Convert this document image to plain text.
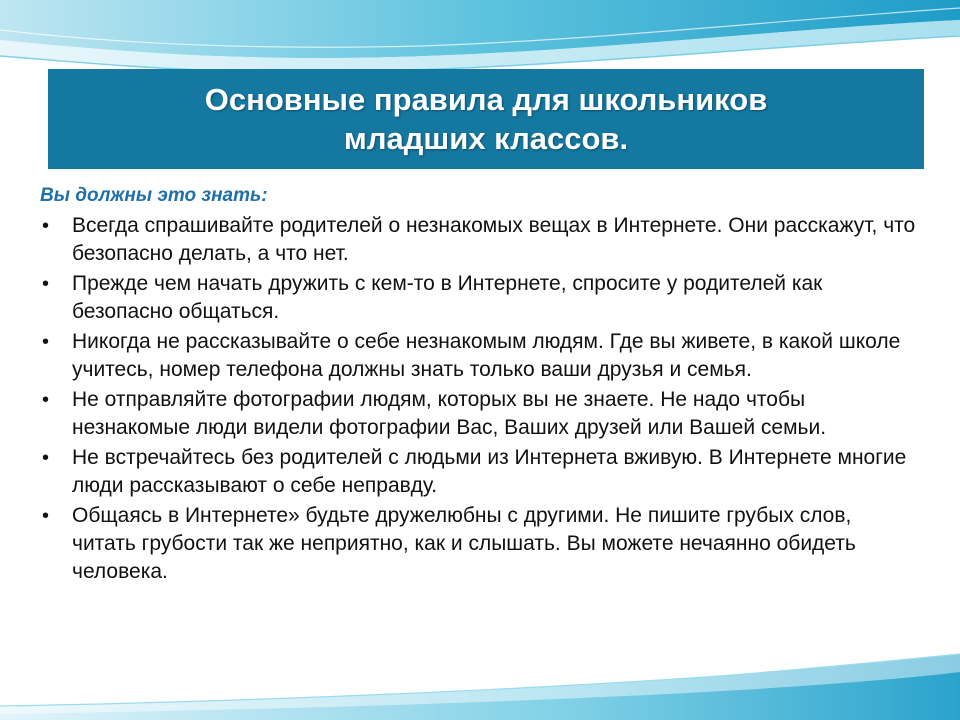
Основные правила для школьников младших классов.
Вы должны это знать:
• Всегда спрашивайте родителей о незнакомых вещах в Интернете. Они расскажут, что безопасно делать, а что нет.
• Прежде чем начать дружить с кем-то в Интернете, спросите у родителей как безопасно общаться.
• Никогда не рассказывайте о себе незнакомым людям. Где вы живете, в какой школе учитесь, номер телефона должны знать только ваши друзья и семья.
• Не отправляйте фотографии людям, которых вы не знаете. Не надо чтобы незнакомые люди видели фотографии Вас, Ваших друзей или Вашей семьи.
• Не встречайтесь без родителей с людьми из Интернета вживую. В Интернете многие люди рассказывают о себе неправду.
• Общаясь в Интернете» будьте дружелюбны с другими. Не пишите грубых слов, читать грубости так же неприятно, как и слышать. Вы можете нечаянно обидеть человека.
